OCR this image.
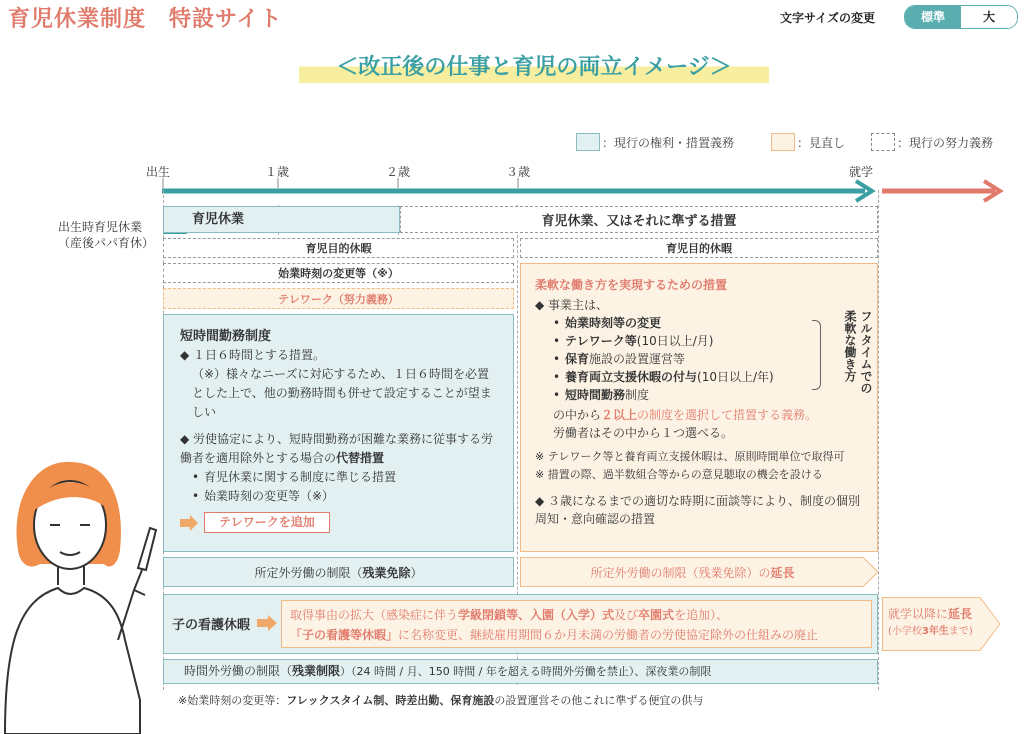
育児休業制度　特設サイト	文字サイズの変更	標準	大
＜改正後の仕事と育児の両立イメージ＞
：現行の権利・措置義務	：見直し	：現行の努力義務
出生	１歳	２歳	３歳	就学
出生時育児休業
（産後パパ育休）
育児休業	育児休業、又はそれに準ずる措置
育児目的休暇	育児目的休暇
始業時刻の変更等（※）
テレワーク（努力義務）
短時間勤務制度
◆ １日６時間とする措置。
（※）様々なニーズに対応するため、１日６時間を必置とした上で、他の勤務時間も併せて設定することが望ましい
◆ 労使協定により、短時間勤務が困難な業務に従事する労働者を適用除外とする場合の代替措置
• 育児休業に関する制度に準じる措置
• 始業時刻の変更等（※）
テレワークを追加
柔軟な働き方を実現するための措置
◆ 事業主は、
• 始業時刻等の変更
• テレワーク等(10日以上/月)
• 保育施設の設置運営等
• 養育両立支援休暇の付与(10日以上/年)
• 短時間勤務制度
の中から２以上の制度を選択して措置する義務。
労働者はその中から１つ選べる。
※ テレワーク等と養育両立支援休暇は、原則時間単位で取得可
※ 措置の際、過半数組合等からの意見聴取の機会を設ける
◆ ３歳になるまでの適切な時期に面談等により、制度の個別周知・意向確認の措置
フルタイムでの柔軟な働き方
所定外労働の制限（ 残業免除 ）	所定外労働の制限（残業免除）の 延長
子の看護休暇
取得事由の拡大（感染症に伴う学級閉鎖等、入園（入学）式及び卒園式を追加）、
「子の看護等休暇」に名称変更、継続雇用期間６か月未満の労働者の労使協定除外の仕組みの廃止
就学以降に延長
(小学校3年生まで)
時間外労働の制限（残業制限）（24 時間 / 月、150 時間 / 年を超える時間外労働を禁止）、深夜業の制限
※始業時刻の変更等：フレックスタイム制、時差出勤、保育施設の設置運営その他これに準ずる便宜の供与
